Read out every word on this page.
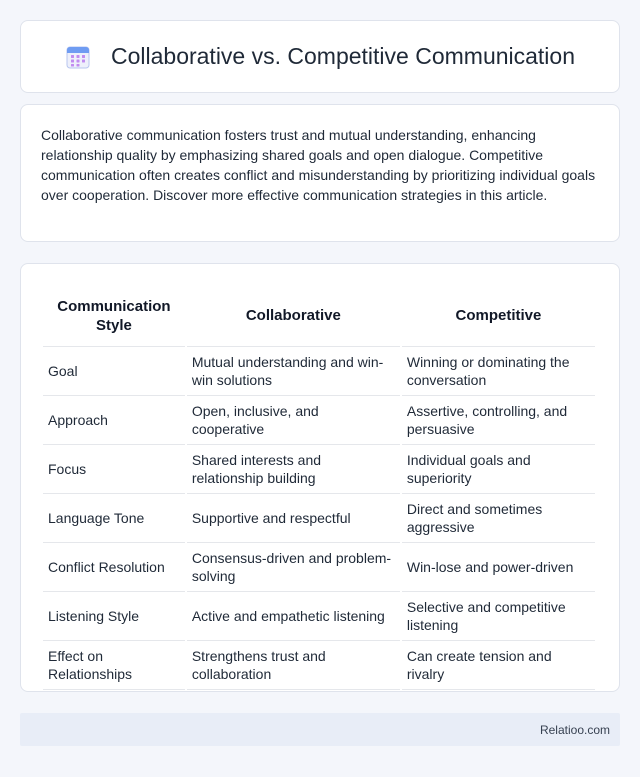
Collaborative vs. Competitive Communication

Collaborative communication fosters trust and mutual understanding, enhancing relationship quality by emphasizing shared goals and open dialogue. Competitive communication often creates conflict and misunderstanding by prioritizing individual goals over cooperation. Discover more effective communication strategies in this article.

Communication Style	Collaborative	Competitive
Goal	Mutual understanding and win-win solutions	Winning or dominating the conversation
Approach	Open, inclusive, and cooperative	Assertive, controlling, and persuasive
Focus	Shared interests and relationship building	Individual goals and superiority
Language Tone	Supportive and respectful	Direct and sometimes aggressive
Conflict Resolution	Consensus-driven and problem-solving	Win-lose and power-driven
Listening Style	Active and empathetic listening	Selective and competitive listening
Effect on Relationships	Strengthens trust and collaboration	Can create tension and rivalry
Relatioo.com
